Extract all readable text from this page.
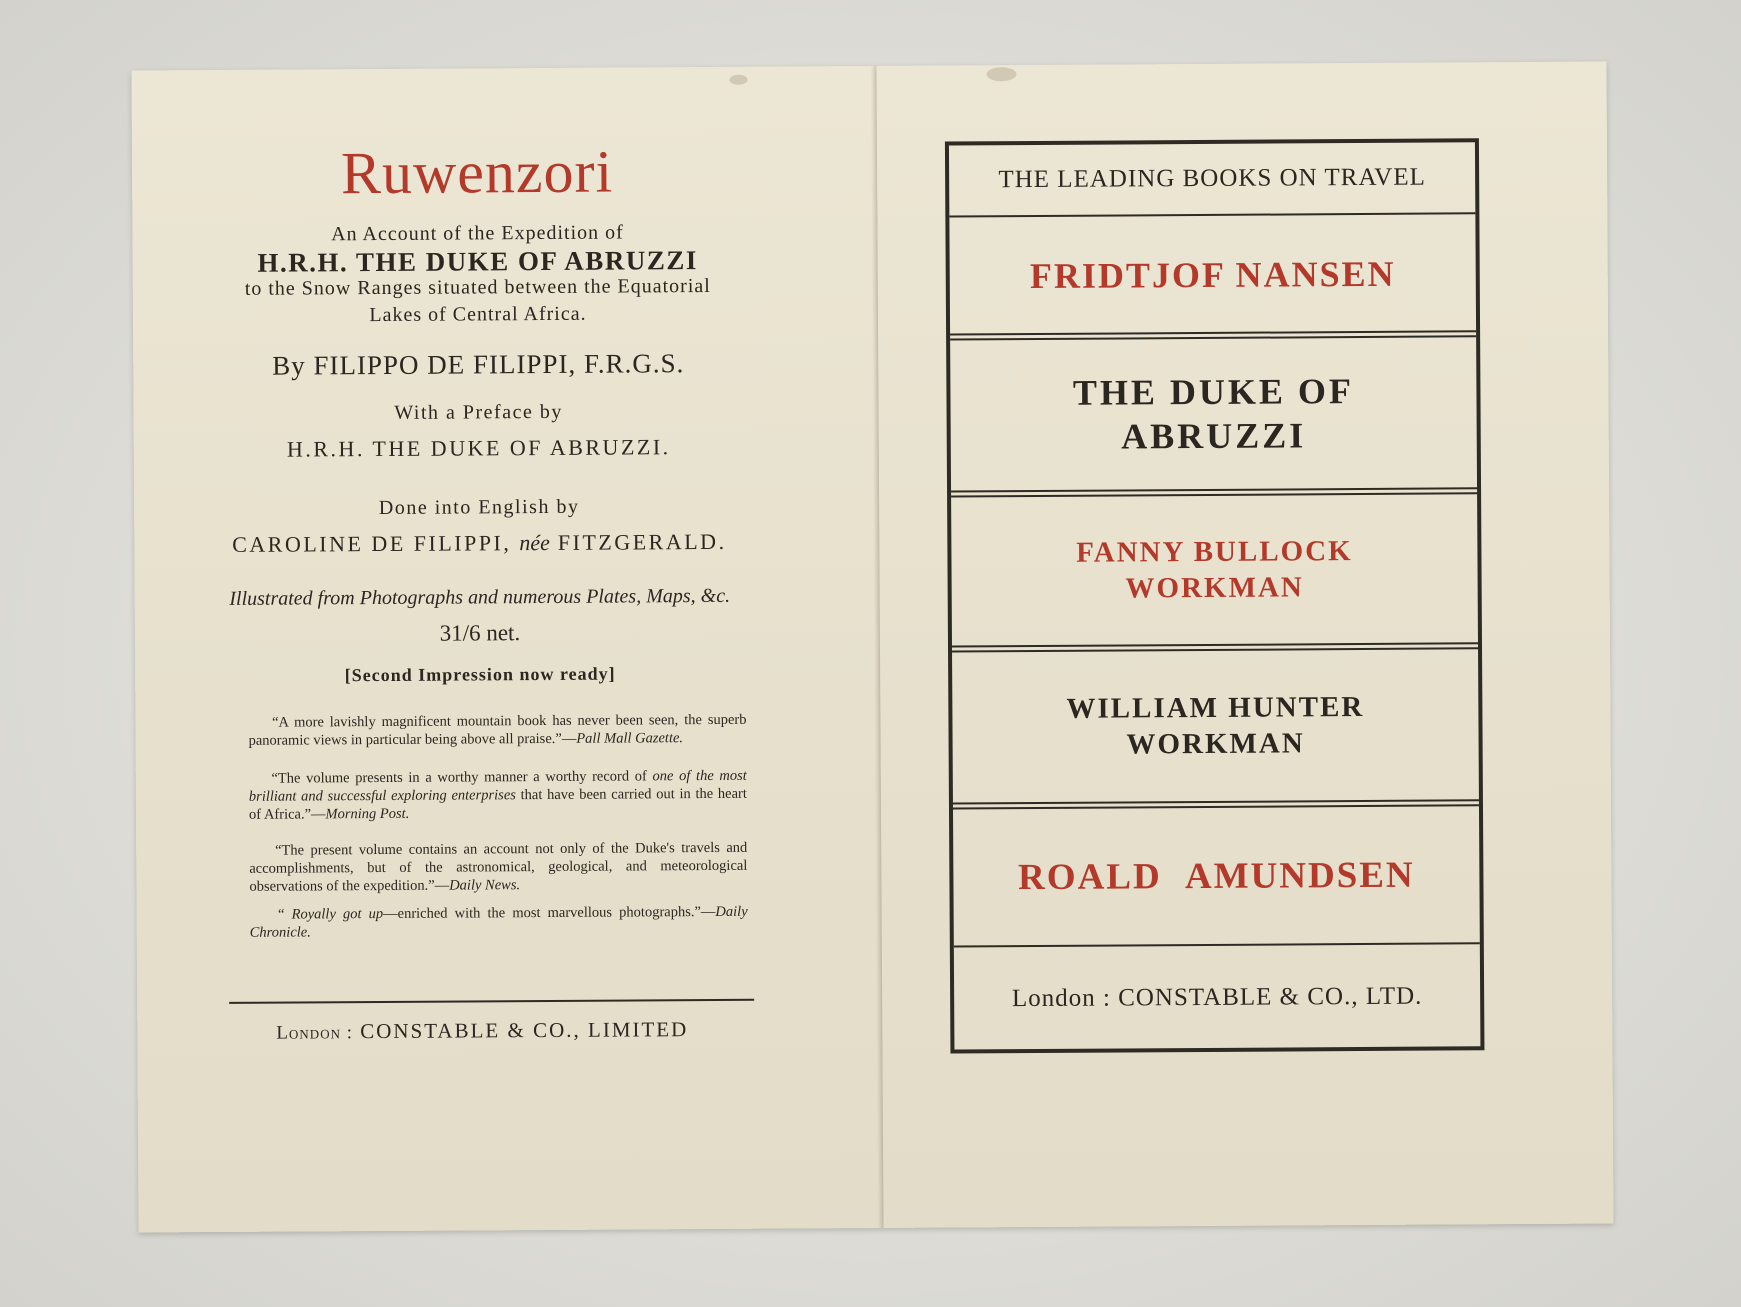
Ruwenzori
An Account of the Expedition of
H.R.H. THE DUKE OF ABRUZZI
to the Snow Ranges situated between the Equatorial
Lakes of Central Africa.
By FILIPPO DE FILIPPI, F.R.G.S.
With a Preface by
H.R.H. THE DUKE OF ABRUZZI.
Done into English by
CAROLINE DE FILIPPI, née FITZGERALD.
Illustrated from Photographs and numerous Plates, Maps, &c.
31/6 net.
[Second Impression now ready]
“A more lavishly magnificent mountain book has never been seen, the superb panoramic views in particular being above all praise.”—Pall Mall Gazette.
“The volume presents in a worthy manner a worthy record of one of the most brilliant and successful exploring enterprises that have been carried out in the heart of Africa.”—Morning Post.
“The present volume contains an account not only of the Duke's travels and accomplishments, but of the astronomical, geological, and meteorological observations of the expedition.”—Daily News.
“ Royally got up—enriched with the most marvellous photographs.”—Daily Chronicle.
London : CONSTABLE & CO., LIMITED
THE LEADING BOOKS ON TRAVEL
FRIDTJOF NANSEN
THE DUKE OF
ABRUZZI
FANNY BULLOCK
WORKMAN
WILLIAM HUNTER
WORKMAN
ROALD AMUNDSEN
London : CONSTABLE & CO., LTD.
